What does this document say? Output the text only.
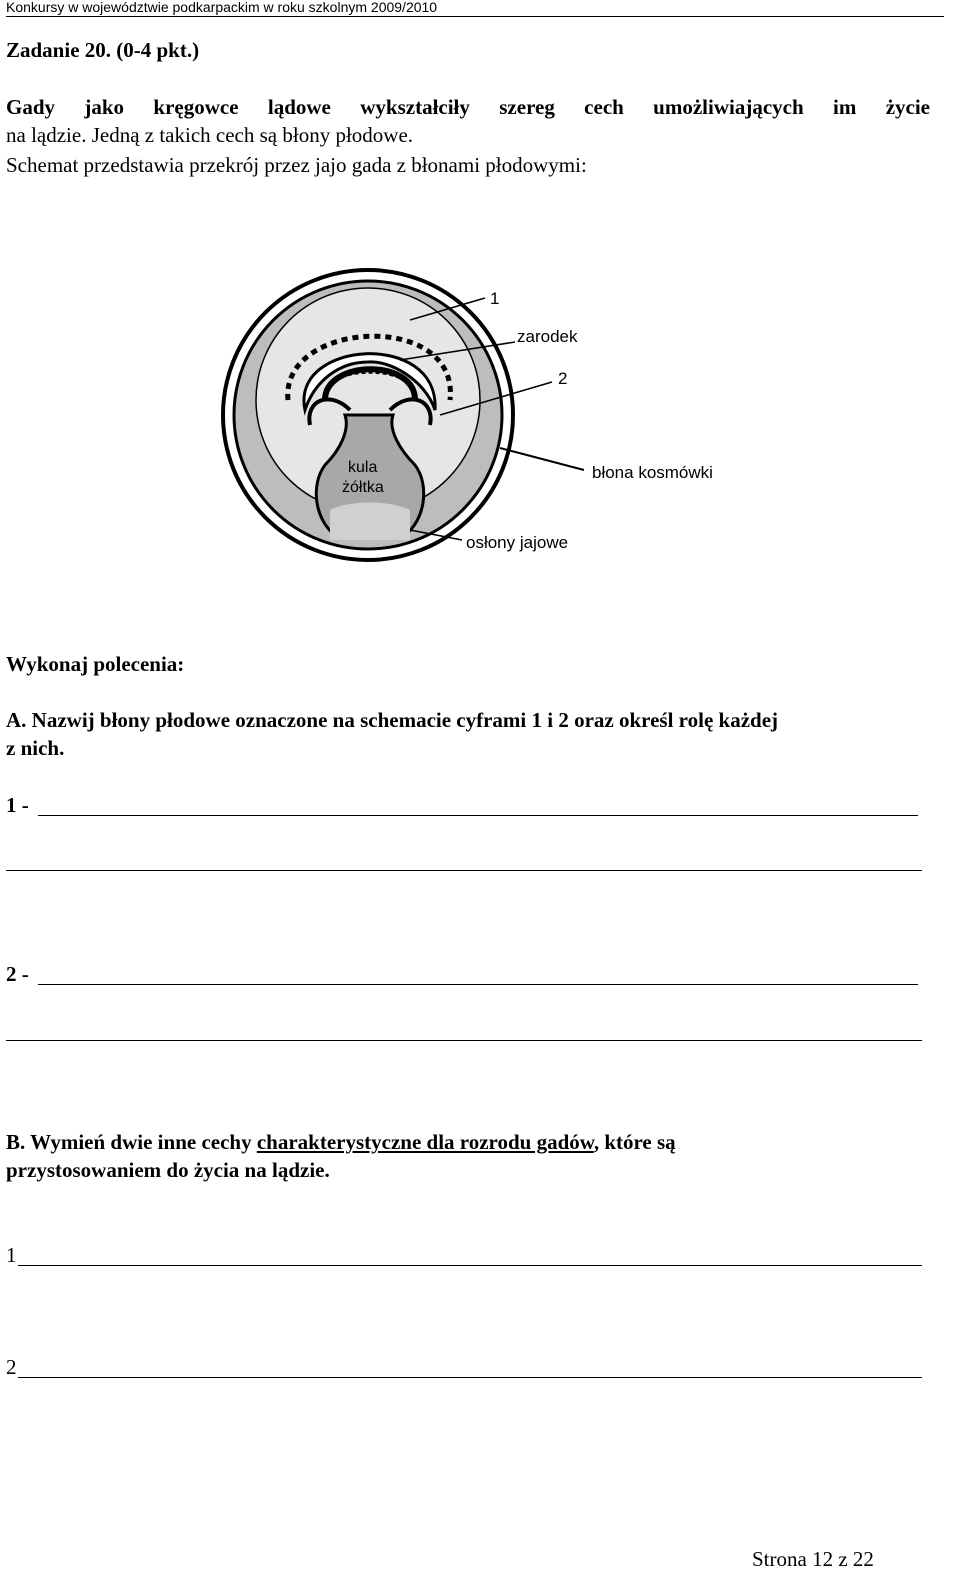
Konkursy w województwie podkarpackim w roku szkolnym 2009/2010
Zadanie 20. (0-4 pkt.)
Gady jako kręgowce lądowe wykształciły szereg cech umożliwiających im życie
na lądzie. Jedną z takich cech są błony płodowe.
Schemat przedstawia przekrój przez jajo gada z błonami płodowymi:
kula
żółtka
1
zarodek
2
błona kosmówki
osłony jajowe
Wykonaj polecenia:
A. Nazwij błony płodowe oznaczone na schemacie cyframi 1 i 2 oraz określ rolę każdej
z nich.
1 -
2 -
B. Wymień dwie inne cechy charakterystyczne dla rozrodu gadów, które są
przystosowaniem do życia na lądzie.
1
2
Strona 12 z 22
